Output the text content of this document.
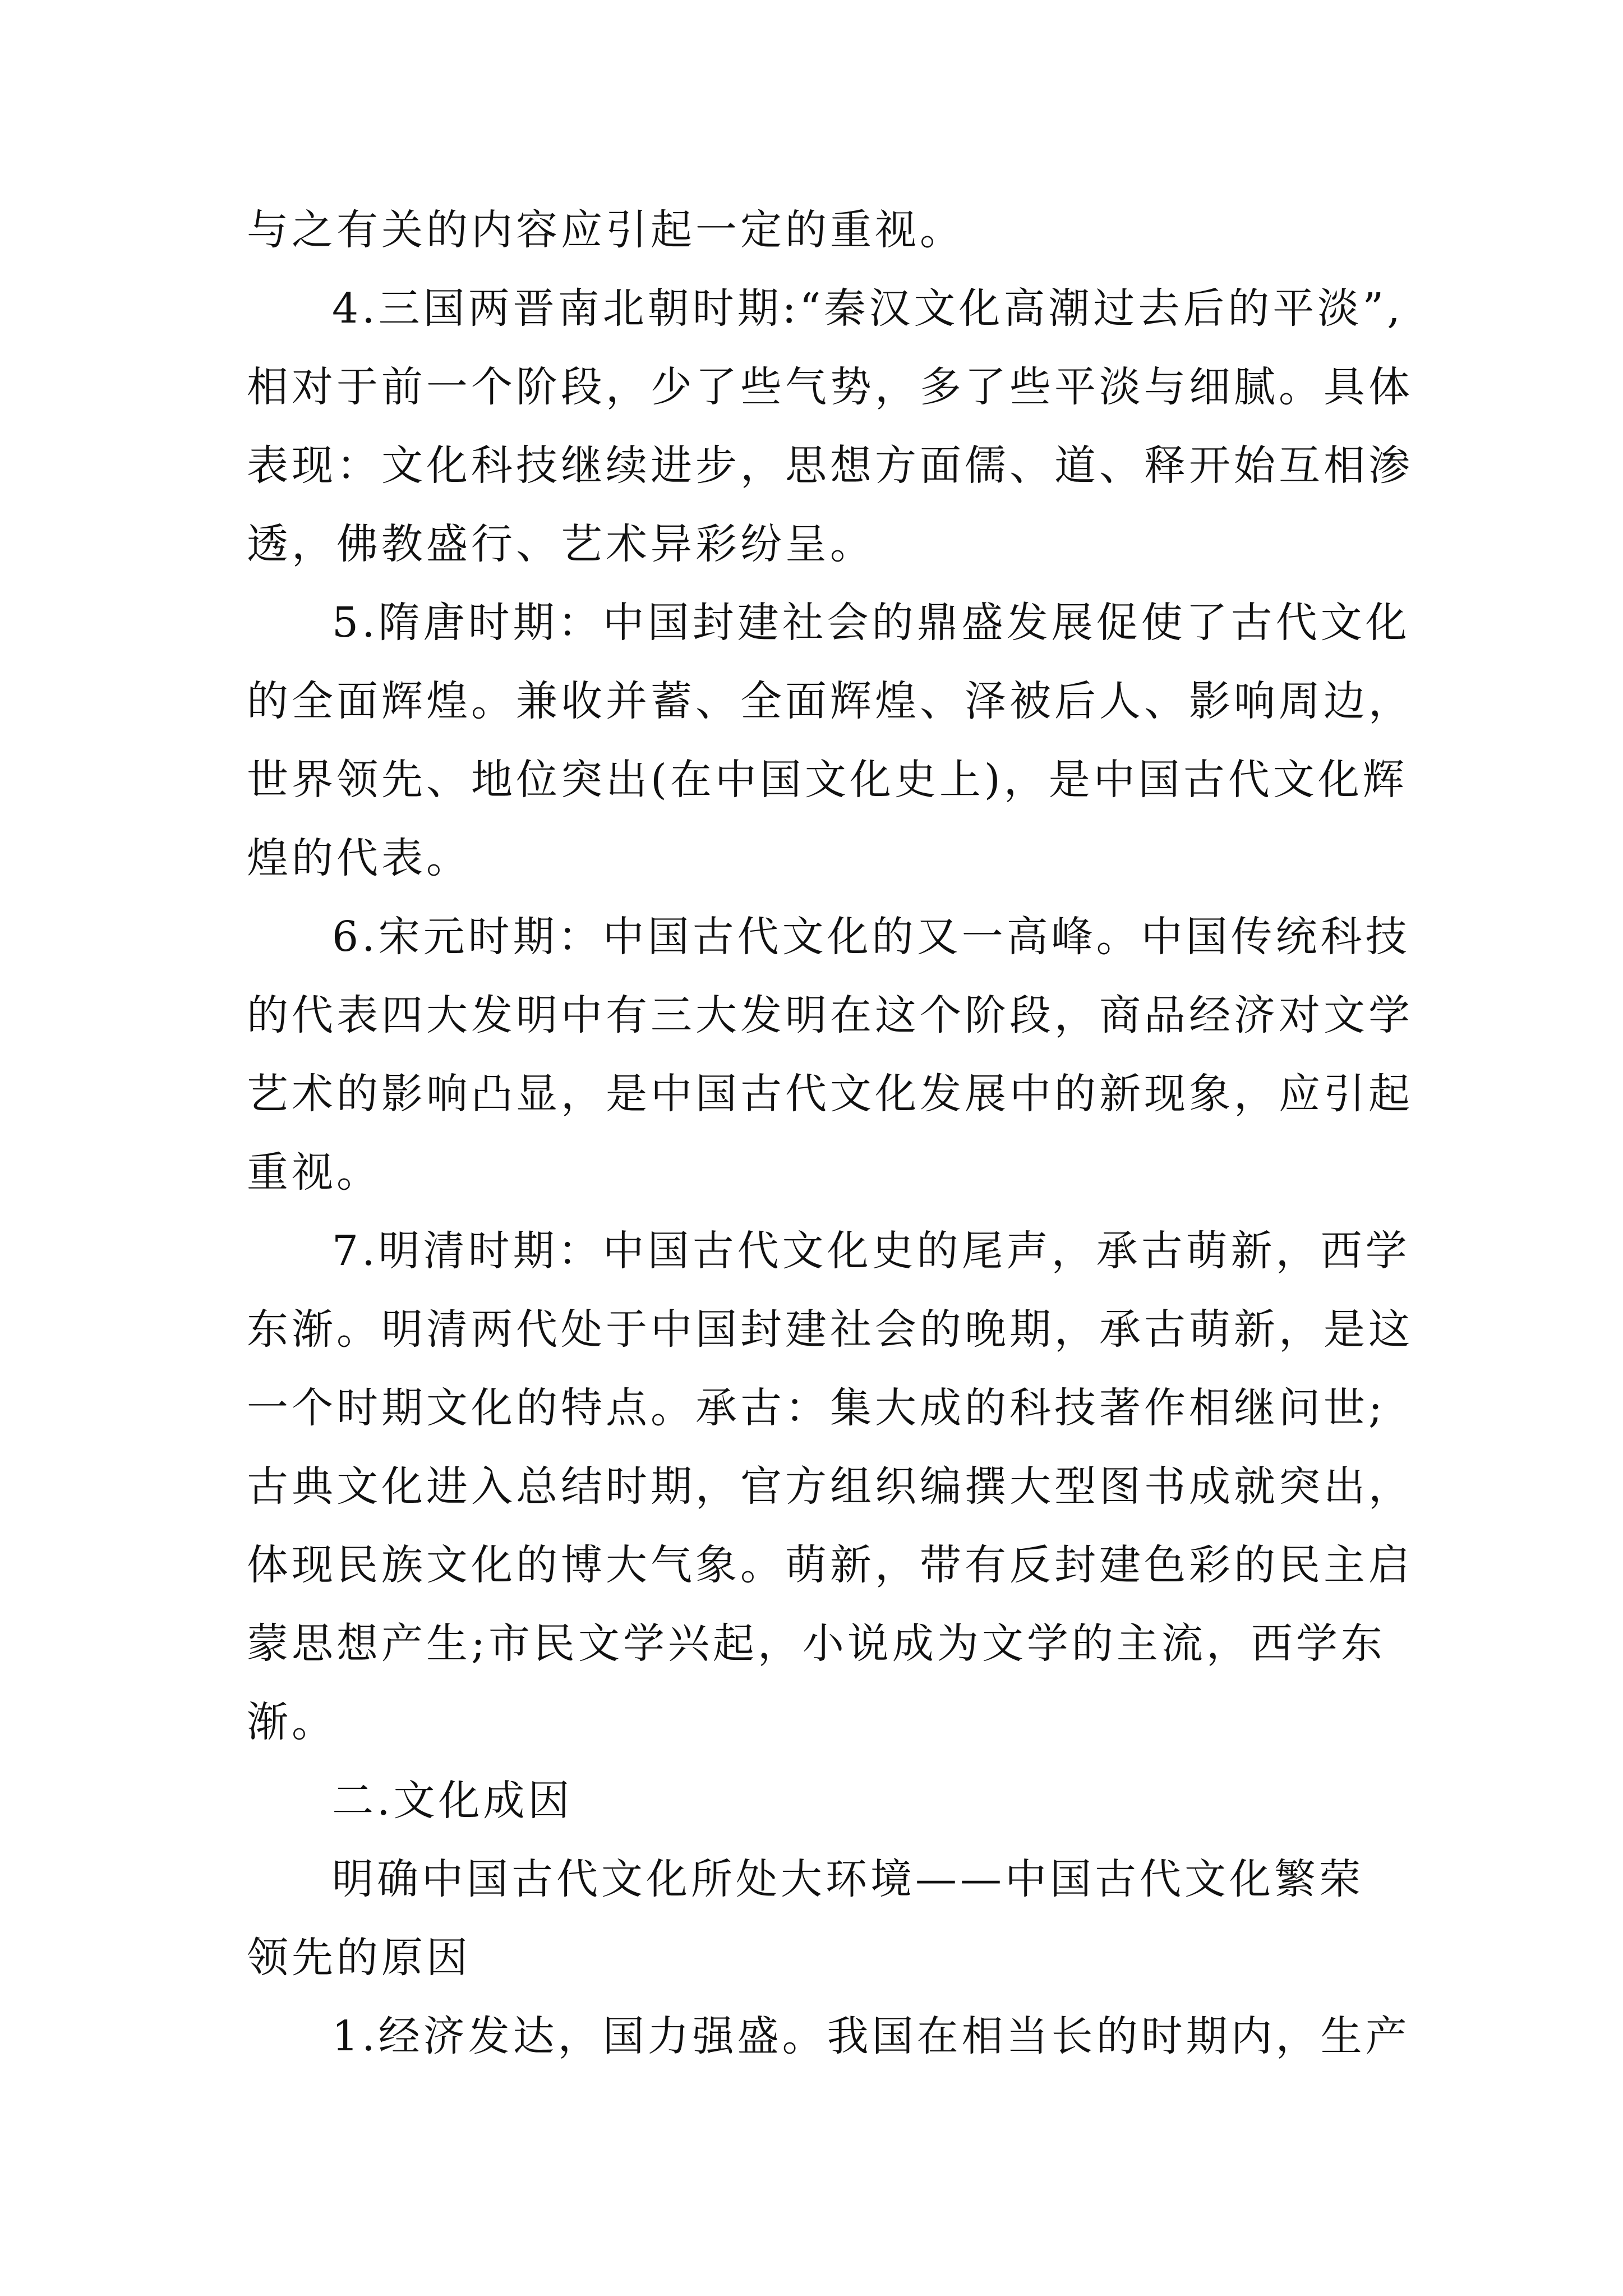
与之有关的内容应引起一定的重视。
4.三国两晋南北朝时期:“秦汉文化高潮过去后的平淡”,
相对于前一个阶段，少了些气势，多了些平淡与细腻。具体
表现：文化科技继续进步，思想方面儒、道、释开始互相渗
透，佛教盛行、艺术异彩纷呈。
5.隋唐时期：中国封建社会的鼎盛发展促使了古代文化
的全面辉煌。兼收并蓄、全面辉煌、泽被后人、影响周边，
世界领先、地位突出(在中国文化史上)，是中国古代文化辉
煌的代表。
6.宋元时期：中国古代文化的又一高峰。中国传统科技
的代表四大发明中有三大发明在这个阶段，商品经济对文学
艺术的影响凸显，是中国古代文化发展中的新现象，应引起
重视。
7.明清时期：中国古代文化史的尾声，承古萌新，西学
东渐。明清两代处于中国封建社会的晚期，承古萌新，是这
一个时期文化的特点。承古：集大成的科技著作相继问世;
古典文化进入总结时期，官方组织编撰大型图书成就突出，
体现民族文化的博大气象。萌新，带有反封建色彩的民主启
蒙思想产生;市民文学兴起，小说成为文学的主流，西学东
渐。
二.文化成因
明确中国古代文化所处大环境——中国古代文化繁荣
领先的原因
1.经济发达，国力强盛。我国在相当长的时期内，生产
